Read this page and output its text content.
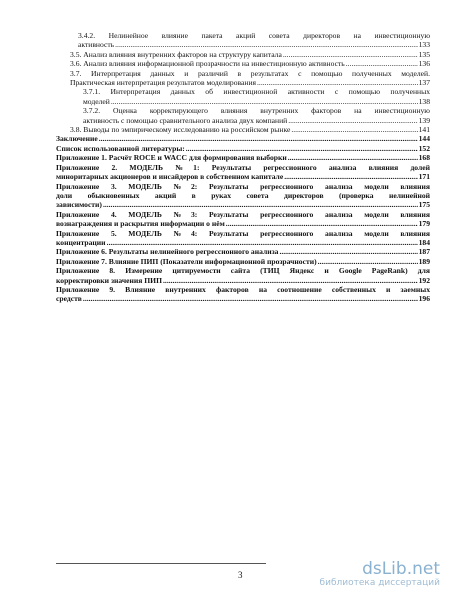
3.4.2. Нелинейное влияние пакета акций совета директоров на инвестиционную
активность .....	133
3.5. Анализ влияния внутренних факторов на структуру капитала .....	135
3.6. Анализ влияния информационной прозрачности на инвестиционную активность .....	136
3.7. Интерпретация данных и различий в результатах с помощью полученных моделей.
Практическая интерпретация результатов моделирования .....	137
3.7.1. Интерпретация данных об инвестиционной активности с помощью полученных
моделей .....	138
3.7.2. Оценка корректирующего влияния внутренних факторов на инвестиционную
активность с помощью сравнительного анализа двух компаний .....	139
3.8. Выводы по эмпирическому исследованию на российском рынке .....	141
Заключение .....	144
Список использованной литературы: .....	152
Приложение 1. Расчёт ROCE и WACC для формирования выборки .....	168
Приложение 2. МОДЕЛЬ №1: Результаты регрессионного анализа влияния долей
миноритарных акционеров и инсайдеров в собственном капитале .....	171
Приложение 3. МОДЕЛЬ №2: Результаты регрессионного анализа модели влияния
доли обыкновенных акций в руках совета директоров (проверка нелинейной
зависимости) .....	175
Приложение 4. МОДЕЛЬ №3: Результаты регрессионного анализа модели влияния
вознаграждения и раскрытия информации о нём .....	179
Приложение 5. МОДЕЛЬ №4: Результаты регрессионного анализа модели влияния
концентрации .....	184
Приложение 6. Результаты нелинейного регрессионного анализа .....	187
Приложение 7. Влияние ПИП (Показатели информационной прозрачности) .....	189
Приложение 8. Измерение цитируемости сайта (ТИЦ Яндекс и Google PageRank) для
корректировки значения ПИП .....	192
Приложение 9. Влияние внутренних факторов на соотношение собственных и заемных
средств .....	196
3	dsLib.net
библиотека диссертаций
